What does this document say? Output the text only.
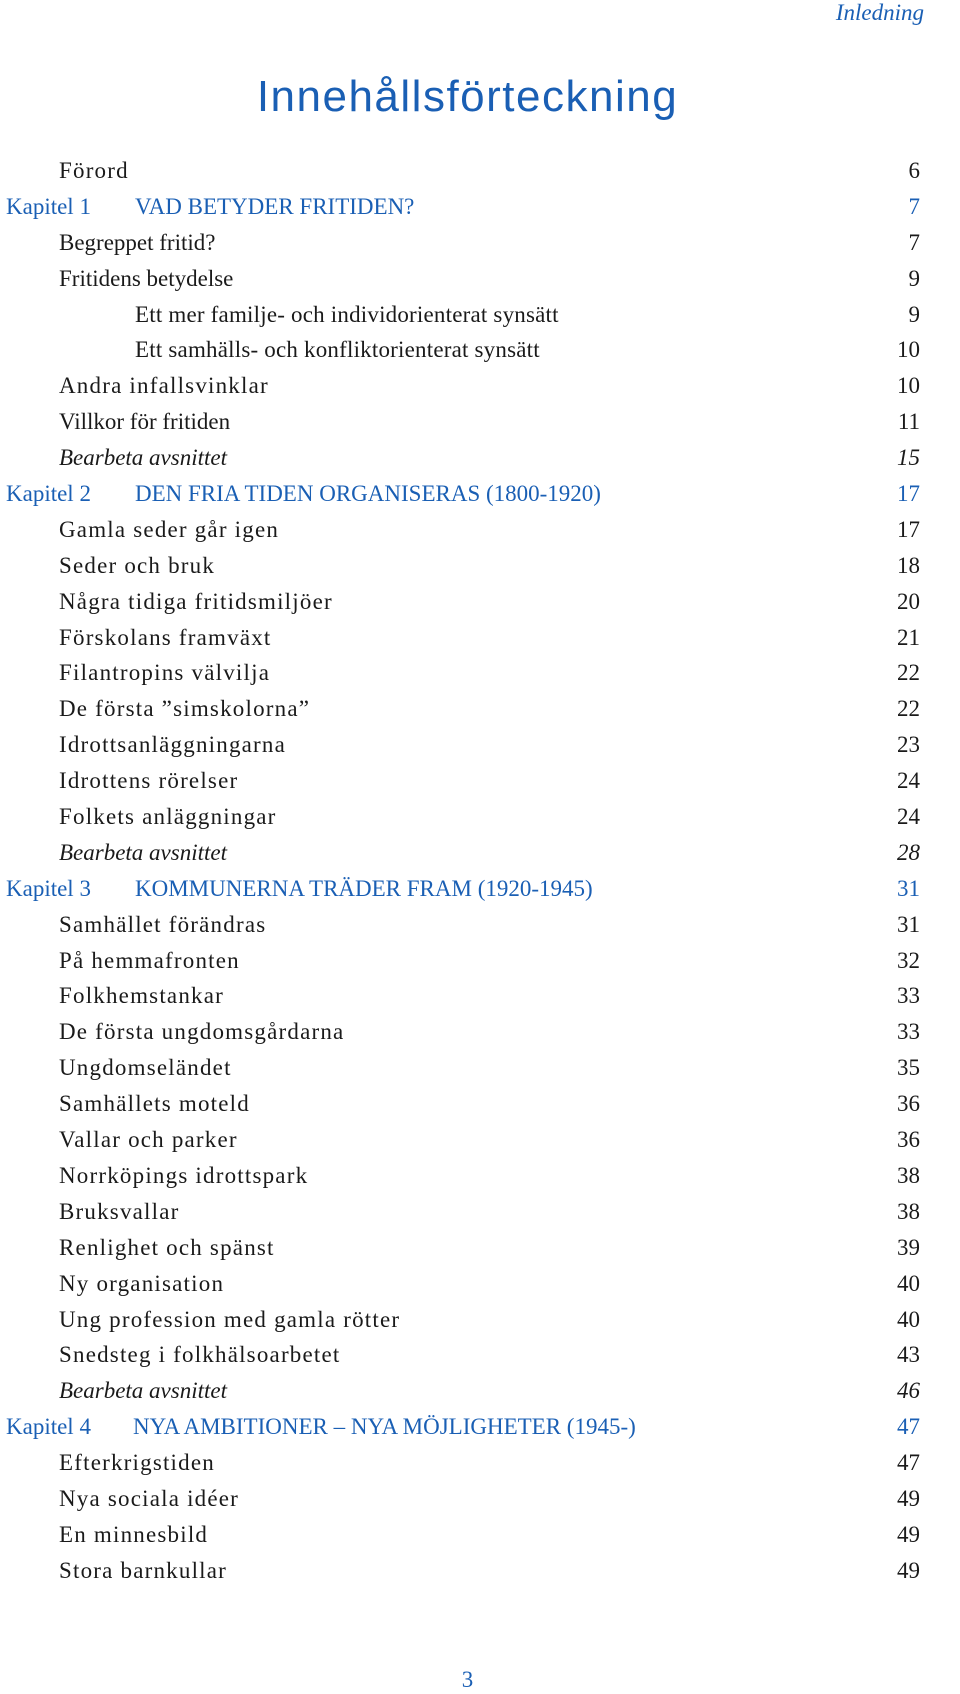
Inledning
Innehållsförteckning
Förord	6
Kapitel 1 VAD BETYDER FRITIDEN?	7
Begreppet fritid?	7
Fritidens betydelse	9
Ett mer familje- och individorienterat synsätt	9
Ett samhälls- och konfliktorienterat synsätt	10
Andra infallsvinklar	10
Villkor för fritiden	11
Bearbeta avsnittet	15
Kapitel 2 DEN FRIA TIDEN ORGANISERAS (1800-1920)	17
Gamla seder går igen	17
Seder och bruk	18
Några tidiga fritidsmiljöer	20
Förskolans framväxt	21
Filantropins välvilja	22
De första ”simskolorna”	22
Idrottsanläggningarna	23
Idrottens rörelser	24
Folkets anläggningar	24
Bearbeta avsnittet	28
Kapitel 3 KOMMUNERNA TRÄDER FRAM (1920-1945)	31
Samhället förändras	31
På hemmafronten	32
Folkhemstankar	33
De första ungdomsgårdarna	33
Ungdomseländet	35
Samhällets moteld	36
Vallar och parker	36
Norrköpings idrottspark	38
Bruksvallar	38
Renlighet och spänst	39
Ny organisation	40
Ung profession med gamla rötter	40
Snedsteg i folkhälsoarbetet	43
Bearbeta avsnittet	46
Kapitel 4 NYA AMBITIONER – NYA MÖJLIGHETER (1945-)	47
Efterkrigstiden	47
Nya sociala idéer	49
En minnesbild	49
Stora barnkullar	49
3
